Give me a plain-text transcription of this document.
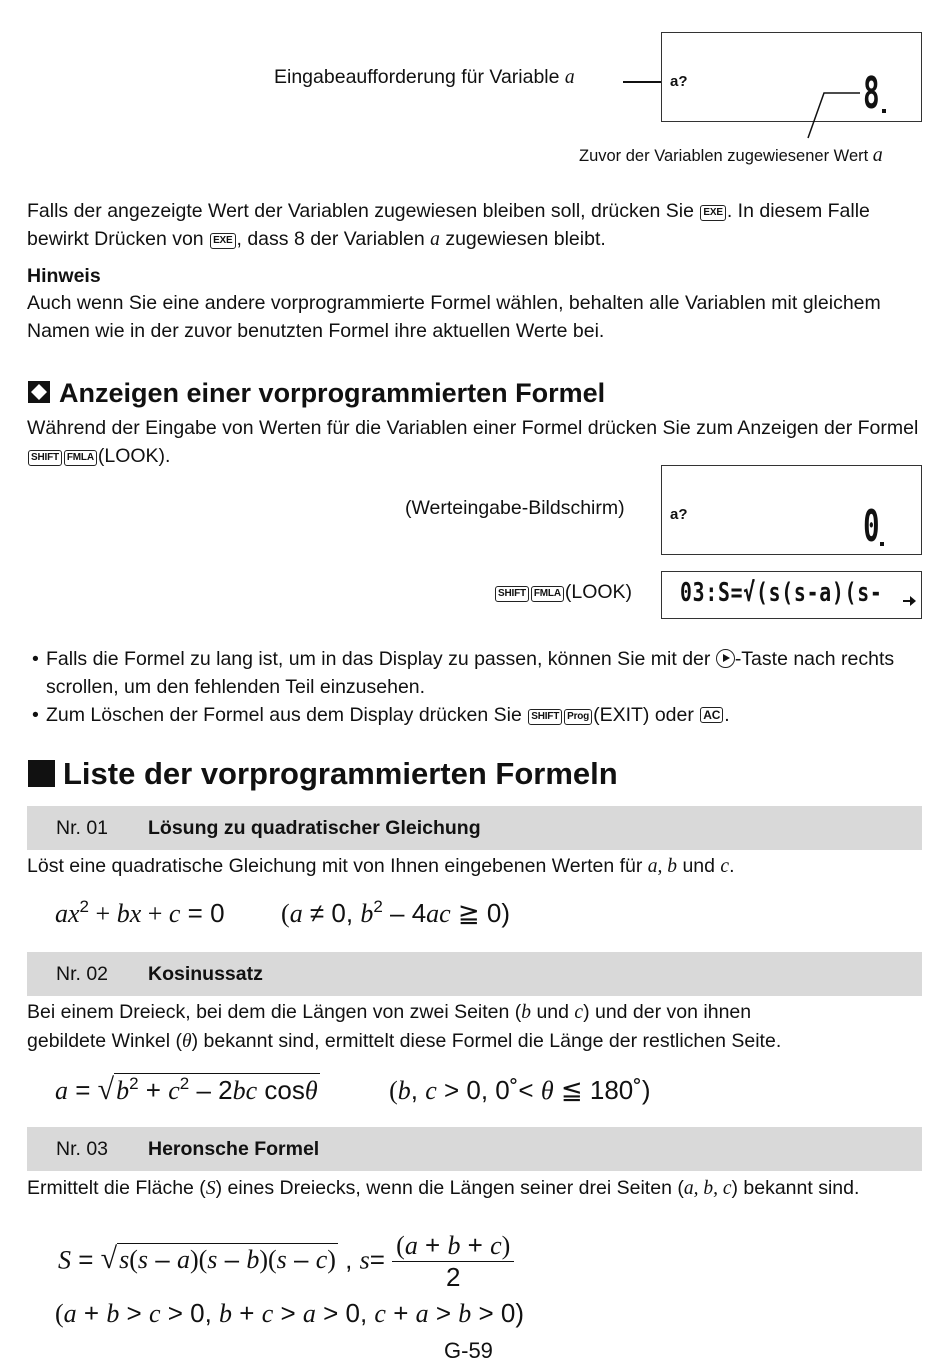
Eingabeaufforderung für Variable a	a?	8
Zuvor der Variablen zugewiesener Wert a
Falls der angezeigte Wert der Variablen zugewiesen bleiben soll, drücken Sie EXE . In diesem Falle bewirkt Drücken von EXE , dass 8 der Variablen a zugewiesen bleibt.
Hinweis
Auch wenn Sie eine andere vorprogrammierte Formel wählen, behalten alle Variablen mit gleichem Namen wie in der zuvor benutzten Formel ihre aktuellen Werte bei.
Anzeigen einer vorprogrammierten Formel
Während der Eingabe von Werten für die Variablen einer Formel drücken Sie zum Anzeigen der Formel SHIFT FMLA (LOOK).
(Werteingabe-Bildschirm)	a?	0
SHIFT FMLA (LOOK) 03:S=√(s(s-a)(s-
• Falls die Formel zu lang ist, um in das Display zu passen, können Sie mit der -Taste nach rechts scrollen, um den fehlenden Teil einzusehen.
• Zum Löschen der Formel aus dem Display drücken Sie SHIFT Prog (EXIT) oder AC .
Liste der vorprogrammierten Formeln
Nr. 01 Lösung zu quadratischer Gleichung
Löst eine quadratische Gleichung mit von Ihnen eingebenen Werten für a, b und c.
$ax^2$ + bx + c = 0 (a ≠ 0, $b^2 - 4ac$ ≧ 0)
Nr. 02 Kosinussatz
Bei einem Dreieck, bei dem die Längen von zwei Seiten (b und c) und der von ihnen
gebildete Winkel (θ) bekannt sind, ermittelt diese Formel die Länge der restlichen Seite.
$a = √b^2 + c^2 - 2bc$ cosθ	(b, c > 0, 0˚< θ ≦ 180˚)
Nr. 03 Heronsche Formel
Ermittelt die Fläche (S) eines Dreiecks, wenn die Längen seiner drei Seiten (a, b, c) bekannt sind.
S = √s(s – a)(s – b)(s – c) , $s= \frac{(a + b + c)}{2}$
(a + b > c > 0, b + c > a > 0, c + a > b > 0)
G-59
